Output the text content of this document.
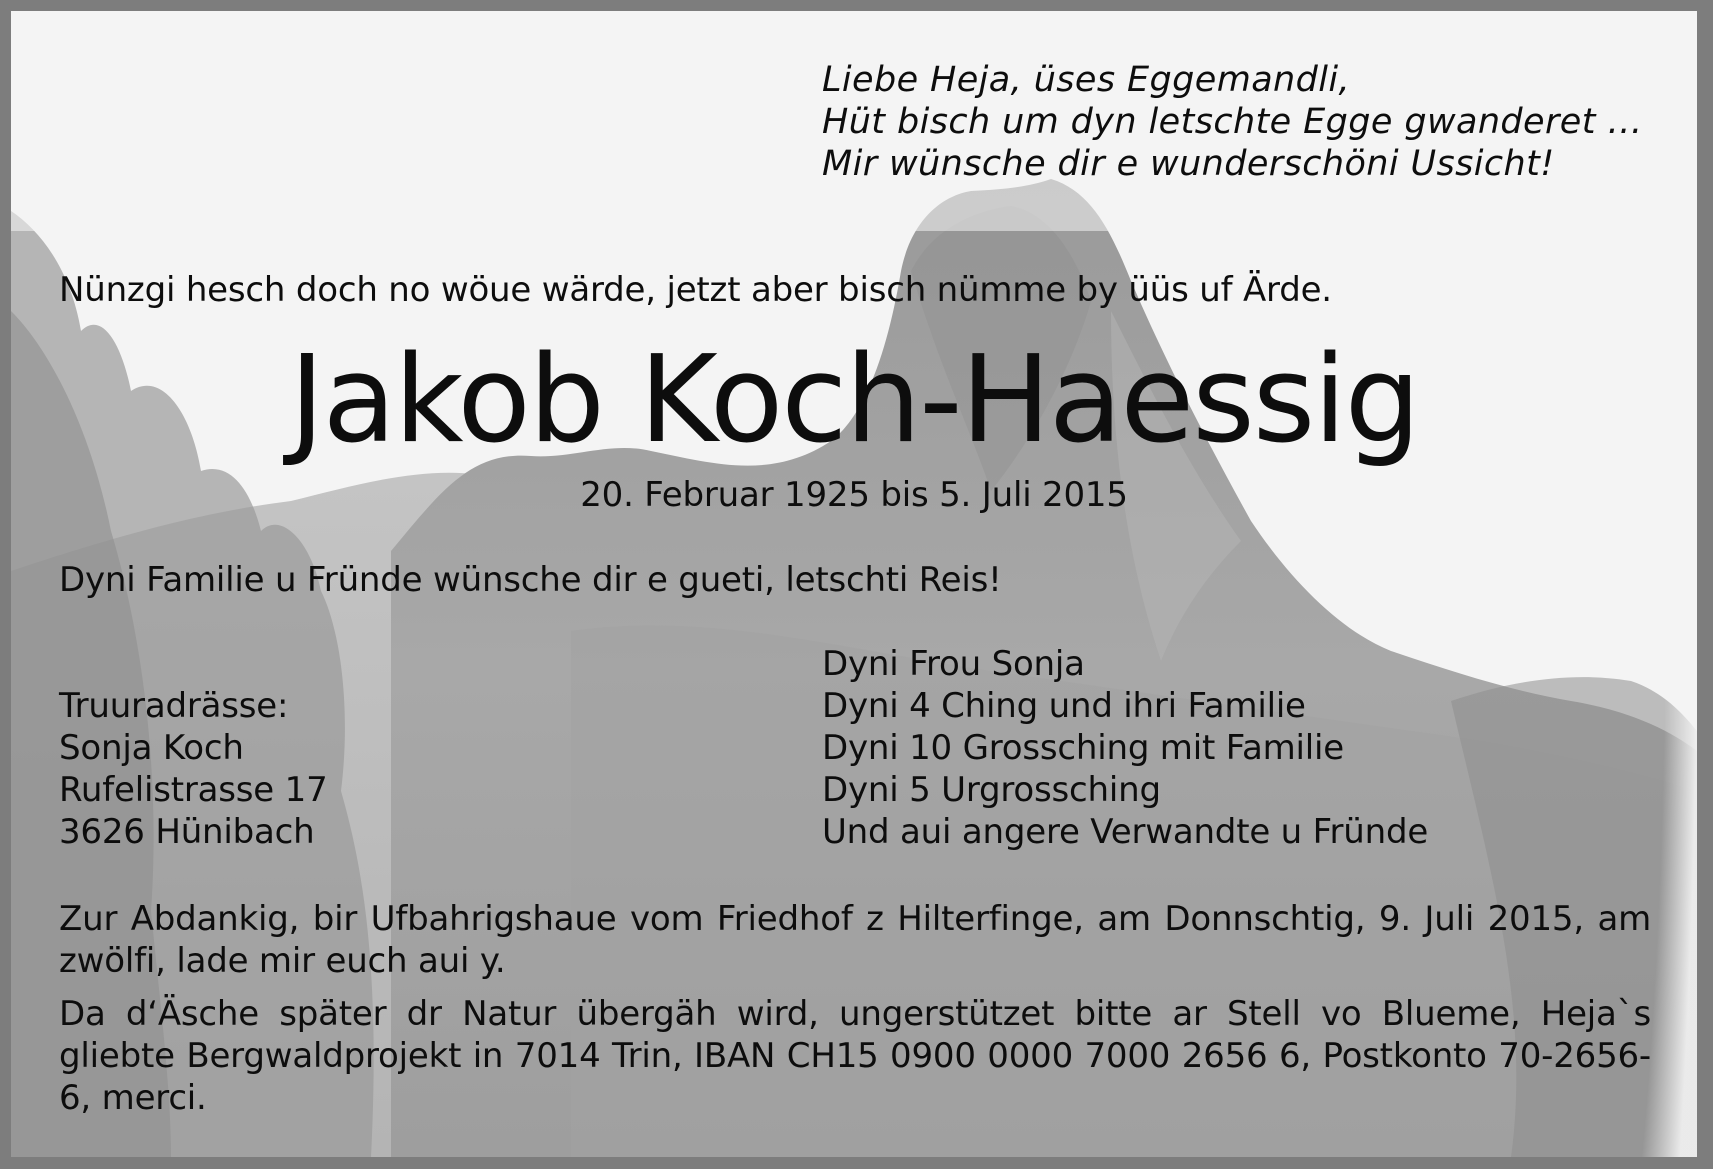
Liebe Heja, üses Eggemandli,
Hüt bisch um dyn letschte Egge gwanderet …
Mir wünsche dir e wunderschöni Ussicht!
Nünzgi hesch doch no wöue wärde, jetzt aber bisch nümme by üüs uf Ärde.
Jakob Koch-Haessig
20. Februar 1925 bis 5. Juli 2015
Dyni Familie u Fründe wünsche dir e gueti, letschti Reis!
Truuradrässe:
Sonja Koch
Rufelistrasse 17
3626 Hünibach
Dyni Frou Sonja
Dyni 4 Ching und ihri Familie
Dyni 10 Grossching mit Familie
Dyni 5 Urgrossching
Und aui angere Verwandte u Fründe
Zur Abdankig, bir Ufbahrigshaue vom Friedhof z Hilterfinge, am Donnschtig, 9. Juli 2015, am zwölfi, lade mir euch aui y.
Da d‘Äsche später dr Natur übergäh wird, ungerstützet bitte ar Stell vo Blueme, Heja`s gliebte Bergwaldprojekt in 7014 Trin, IBAN CH15 0900 0000 7000 2656 6, Postkonto 70-2656-6, merci.
